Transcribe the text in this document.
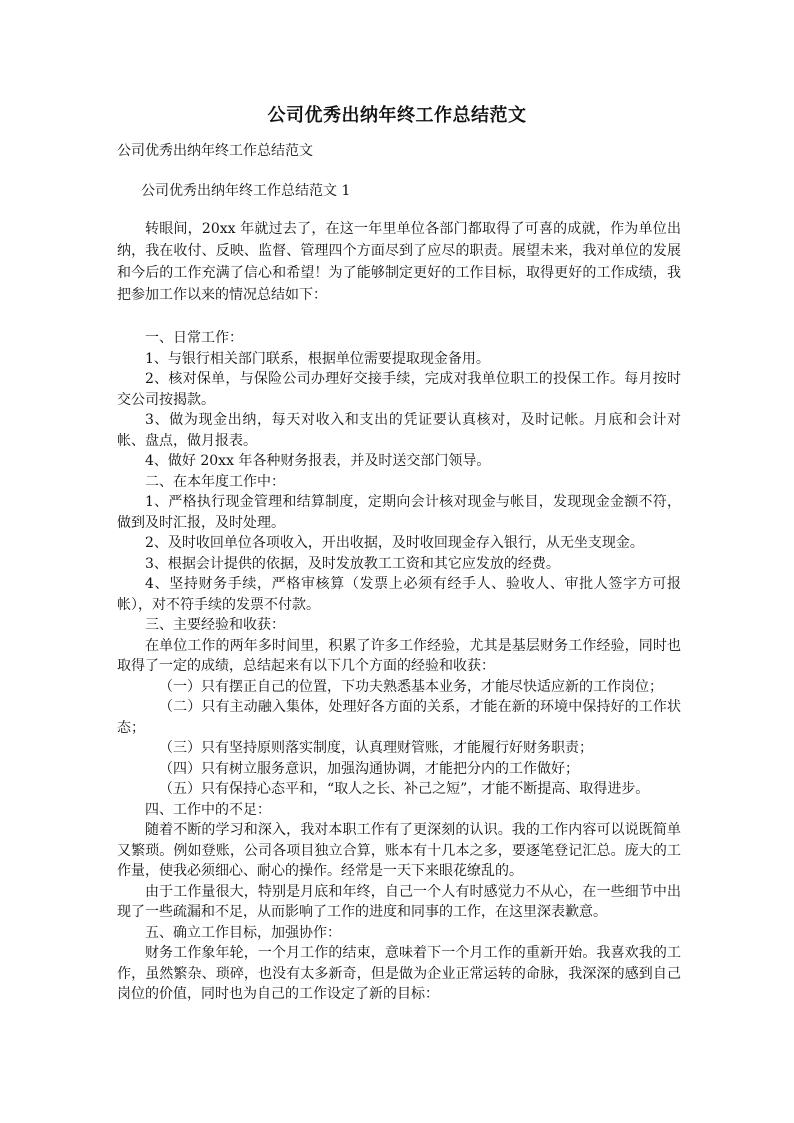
公司优秀出纳年终工作总结范文
公司优秀出纳年终工作总结范文
公司优秀出纳年终工作总结范文 1

转眼间，20xx 年就过去了，在这一年里单位各部门都取得了可喜的成就，作为单位出纳，我在收付、反映、监督、管理四个方面尽到了应尽的职责。展望未来，我对单位的发展和今后的工作充满了信心和希望！为了能够制定更好的工作目标，取得更好的工作成绩，我把参加工作以来的情况总结如下：

一、日常工作：

1、与银行相关部门联系，根据单位需要提取现金备用。

2、核对保单，与保险公司办理好交接手续，完成对我单位职工的投保工作。每月按时交公司按揭款。

3、做为现金出纳，每天对收入和支出的凭证要认真核对，及时记帐。月底和会计对帐、盘点，做月报表。

4、做好 20xx 年各种财务报表，并及时送交部门领导。

二、在本年度工作中：

1、严格执行现金管理和结算制度，定期向会计核对现金与帐目，发现现金金额不符，做到及时汇报，及时处理。

2、及时收回单位各项收入，开出收据，及时收回现金存入银行，从无坐支现金。

3、根据会计提供的依据，及时发放教工工资和其它应发放的经费。

4、坚持财务手续，严格审核算（发票上必须有经手人、验收人、审批人签字方可报帐），对不符手续的发票不付款。

三、主要经验和收获：

在单位工作的两年多时间里，积累了许多工作经验，尤其是基层财务工作经验，同时也取得了一定的成绩，总结起来有以下几个方面的经验和收获：

（一）只有摆正自己的位置，下功夫熟悉基本业务，才能尽快适应新的工作岗位；

（二）只有主动融入集体，处理好各方面的关系，才能在新的环境中保持好的工作状态；

（三）只有坚持原则落实制度，认真理财管账，才能履行好财务职责；

（四）只有树立服务意识，加强沟通协调，才能把分内的工作做好；

（五）只有保持心态平和，“取人之长、补己之短”，才能不断提高、取得进步。

四、工作中的不足：

随着不断的学习和深入，我对本职工作有了更深刻的认识。我的工作内容可以说既简单又繁琐。例如登账，公司各项目独立合算，账本有十几本之多，要逐笔登记汇总。庞大的工作量，使我必须细心、耐心的操作。经常是一天下来眼花缭乱的。

由于工作量很大，特别是月底和年终，自己一个人有时感觉力不从心，在一些细节中出现了一些疏漏和不足，从而影响了工作的进度和同事的工作，在这里深表歉意。

五、确立工作目标，加强协作：

财务工作象年轮，一个月工作的结束，意味着下一个月工作的重新开始。我喜欢我的工作，虽然繁杂、琐碎，也没有太多新奇，但是做为企业正常运转的命脉，我深深的感到自己岗位的价值，同时也为自己的工作设定了新的目标：
